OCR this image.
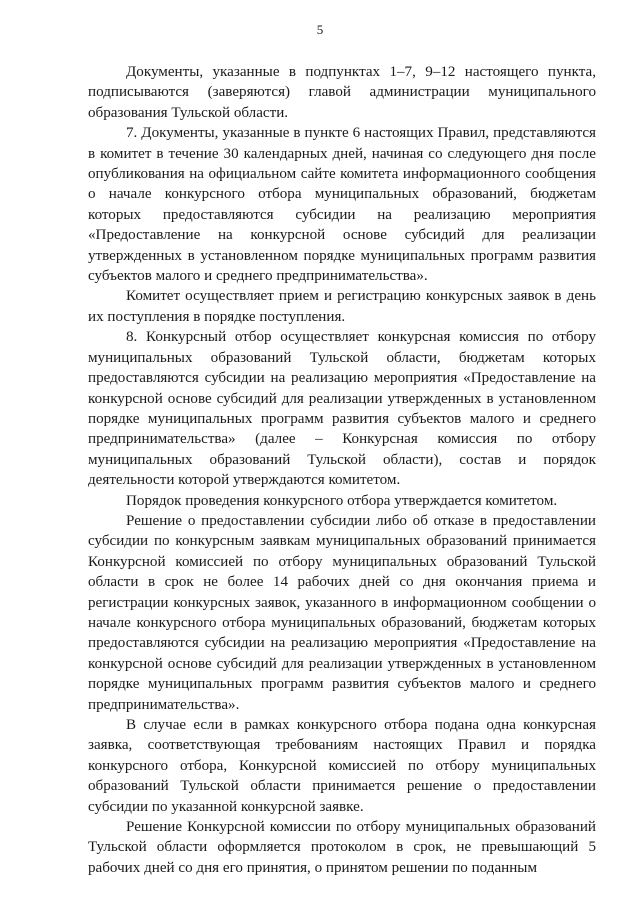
5

Документы, указанные в подпунктах 1–7, 9–12 настоящего пункта, подписываются (заверяются) главой администрации муниципального образования Тульской области.

7. Документы, указанные в пункте 6 настоящих Правил, представляются в комитет в течение 30 календарных дней, начиная со следующего дня после опубликования на официальном сайте комитета информационного сообщения о начале конкурсного отбора муниципальных образований, бюджетам которых предоставляются субсидии на реализацию мероприятия «Предоставление на конкурсной основе субсидий для реализации утвержденных в установленном порядке муниципальных программ развития субъектов малого и среднего предпринимательства».

Комитет осуществляет прием и регистрацию конкурсных заявок в день их поступления в порядке поступления.

8. Конкурсный отбор осуществляет конкурсная комиссия по отбору муниципальных образований Тульской области, бюджетам которых предоставляются субсидии на реализацию мероприятия «Предоставление на конкурсной основе субсидий для реализации утвержденных в установленном порядке муниципальных программ развития субъектов малого и среднего предпринимательства» (далее – Конкурсная комиссия по отбору муниципальных образований Тульской области), состав и порядок деятельности которой утверждаются комитетом.

Порядок проведения конкурсного отбора утверждается комитетом.

Решение о предоставлении субсидии либо об отказе в предоставлении субсидии по конкурсным заявкам муниципальных образований принимается Конкурсной комиссией по отбору муниципальных образований Тульской области в срок не более 14 рабочих дней со дня окончания приема и регистрации конкурсных заявок, указанного в информационном сообщении о начале конкурсного отбора муниципальных образований, бюджетам которых предоставляются субсидии на реализацию мероприятия «Предоставление на конкурсной основе субсидий для реализации утвержденных в установленном порядке муниципальных программ развития субъектов малого и среднего предпринимательства».

В случае если в рамках конкурсного отбора подана одна конкурсная заявка, соответствующая требованиям настоящих Правил и порядка конкурсного отбора, Конкурсной комиссией по отбору муниципальных образований Тульской области принимается решение о предоставлении субсидии по указанной конкурсной заявке.

Решение Конкурсной комиссии по отбору муниципальных образований Тульской области оформляется протоколом в срок, не превышающий 5 рабочих дней со дня его принятия, о принятом решении по поданным
